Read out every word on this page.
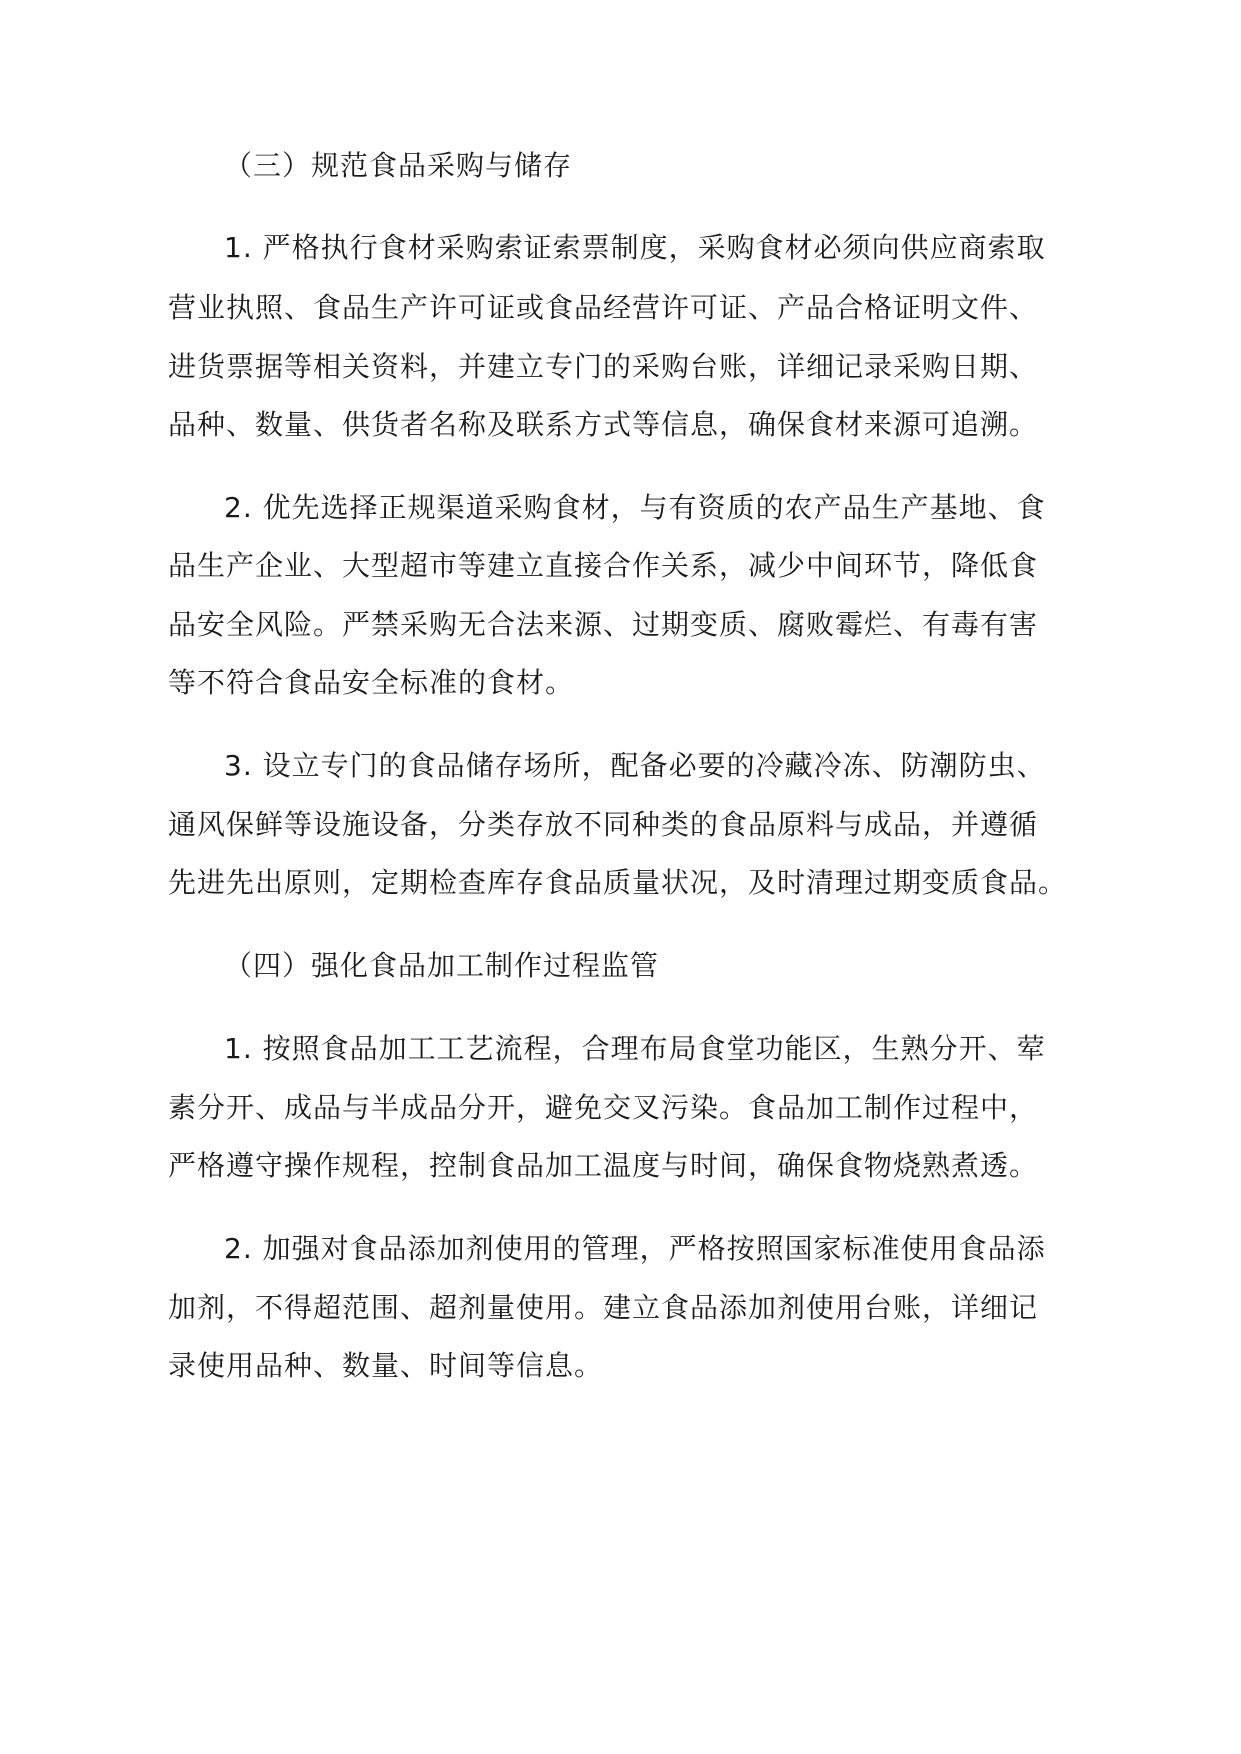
（三）规范食品采购与储存
1. 严格执行食材采购索证索票制度，采购食材必须向供应商索取
营业执照、食品生产许可证或食品经营许可证、产品合格证明文件、
进货票据等相关资料，并建立专门的采购台账，详细记录采购日期、
品种、数量、供货者名称及联系方式等信息，确保食材来源可追溯。
2. 优先选择正规渠道采购食材，与有资质的农产品生产基地、食
品生产企业、大型超市等建立直接合作关系，减少中间环节，降低食
品安全风险。严禁采购无合法来源、过期变质、腐败霉烂、有毒有害
等不符合食品安全标准的食材。
3. 设立专门的食品储存场所，配备必要的冷藏冷冻、防潮防虫、
通风保鲜等设施设备，分类存放不同种类的食品原料与成品，并遵循
先进先出原则，定期检查库存食品质量状况，及时清理过期变质食品。
（四）强化食品加工制作过程监管
1. 按照食品加工工艺流程，合理布局食堂功能区，生熟分开、荤
素分开、成品与半成品分开，避免交叉污染。食品加工制作过程中，
严格遵守操作规程，控制食品加工温度与时间，确保食物烧熟煮透。
2. 加强对食品添加剂使用的管理，严格按照国家标准使用食品添
加剂，不得超范围、超剂量使用。建立食品添加剂使用台账，详细记
录使用品种、数量、时间等信息。
